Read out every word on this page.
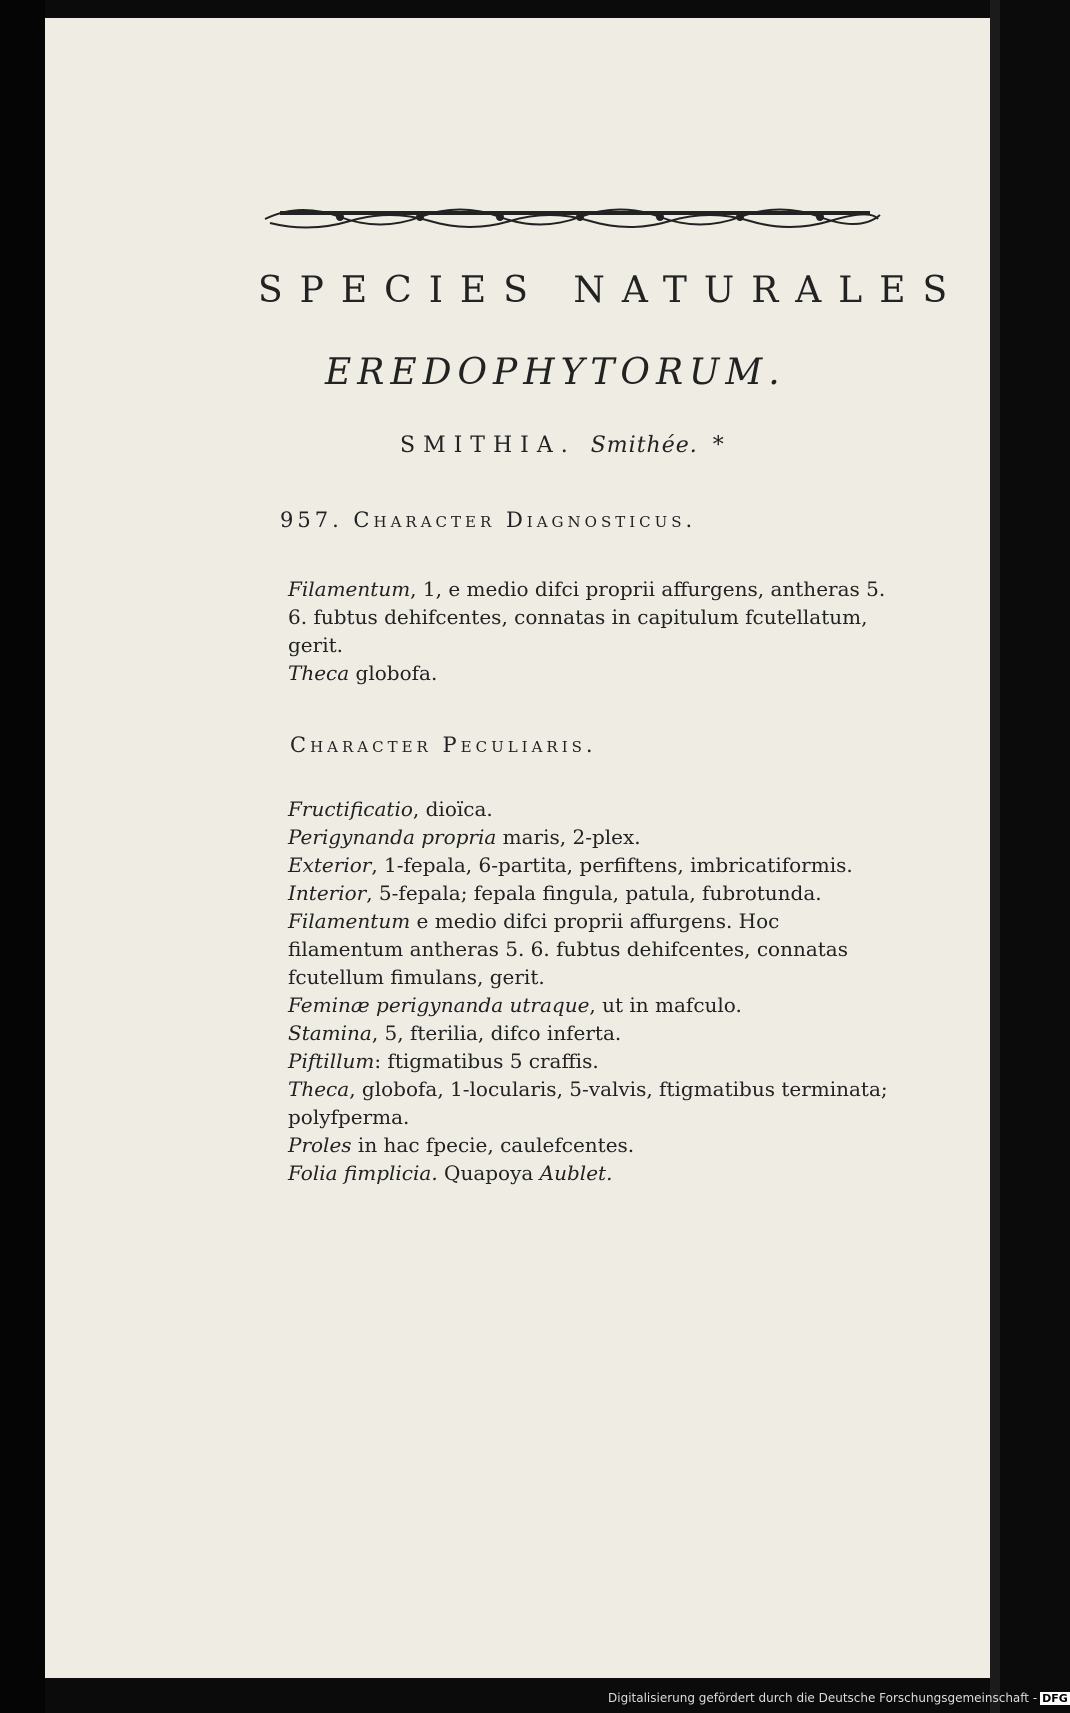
SPECIES NATURALES
EREDOPHYTORUM.
SMITHIA. Smithée. *
957. Character Diagnosticus.

Filamentum, 1, e medio difci proprii affurgens, antheras 5. 6. fubtus dehifcentes, connatas in capitulum fcutellatum, gerit.

Theca globofa.

Character Peculiaris.

Fructificatio, dioïca.

Perigynanda propria maris, 2-plex.

Exterior, 1-fepala, 6-partita, perfiftens, imbricatiformis.

Interior, 5-fepala; fepala fingula, patula, fubrotunda.

Filamentum e medio difci proprii affurgens. Hoc filamentum antheras 5. 6. fubtus dehifcentes, connatas fcutellum fimulans, gerit.

Feminæ perigynanda utraque, ut in mafculo.

Stamina, 5, fterilia, difco inferta.

Piftillum: ftigmatibus 5 craffis.

Theca, globofa, 1-locularis, 5-valvis, ftigmatibus terminata; polyfperma.

Proles in hac fpecie, caulefcentes.

Folia fimplicia. Quapoya Aublet.

Digitalisierung gefördert durch die Deutsche Forschungsgemeinschaft - DFG
